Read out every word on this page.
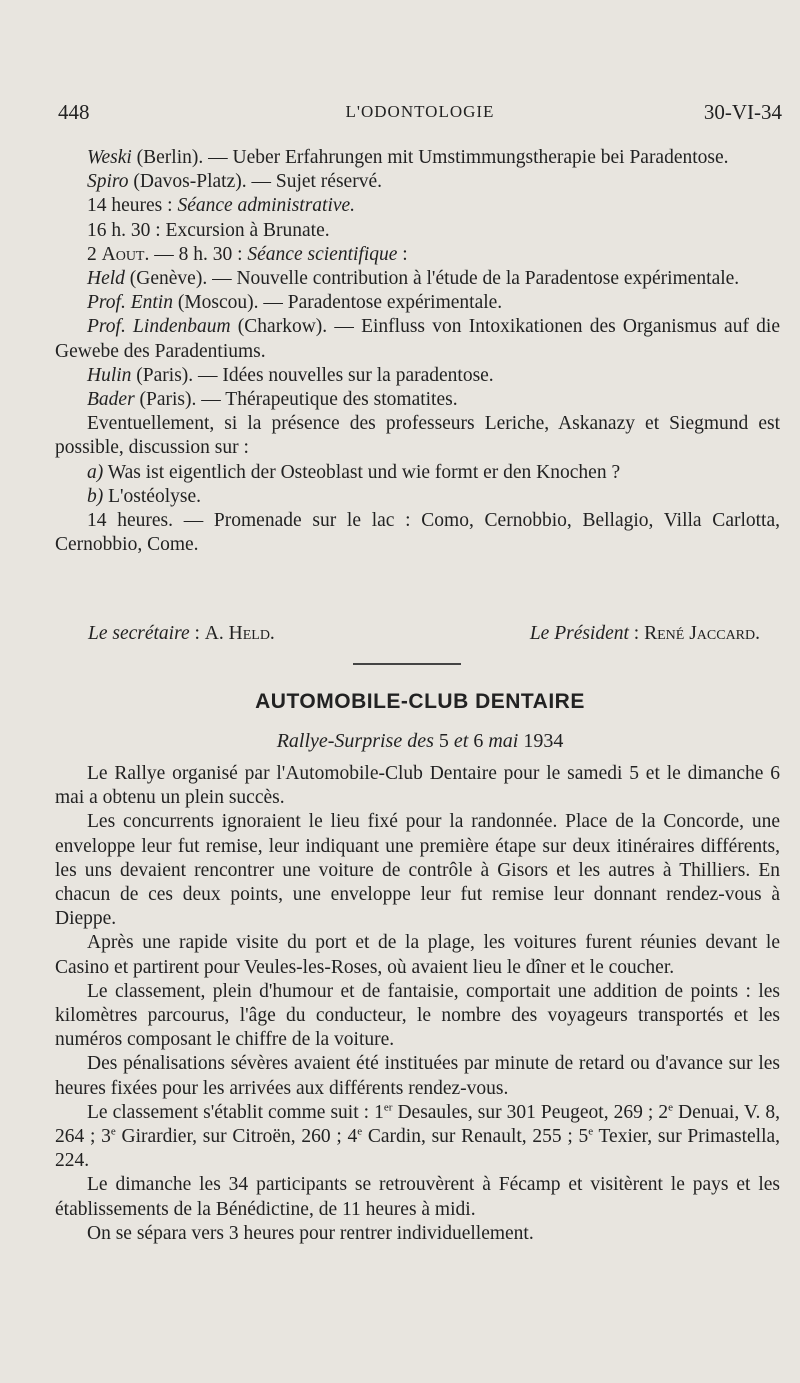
448	L'ODONTOLOGIE	30-VI-34

Weski (Berlin). — Ueber Erfahrungen mit Umstimmungstherapie bei Paradentose.

Spiro (Davos-Platz). — Sujet réservé.

14 heures : Séance administrative.

16 h. 30 : Excursion à Brunate.

2 Aout. — 8 h. 30 : Séance scientifique :

Held (Genève). — Nouvelle contribution à l'étude de la Paradentose expérimentale.

Prof. Entin (Moscou). — Paradentose expérimentale.

Prof. Lindenbaum (Charkow). — Einfluss von Intoxikationen des Organismus auf die Gewebe des Paradentiums.

Hulin (Paris). — Idées nouvelles sur la paradentose.

Bader (Paris). — Thérapeutique des stomatites.

Eventuellement, si la présence des professeurs Leriche, Askanazy et Siegmund est possible, discussion sur :

a) Was ist eigentlich der Osteoblast und wie formt er den Knochen ?

b) L'ostéolyse.

14 heures. — Promenade sur le lac : Como, Cernobbio, Bellagio, Villa Carlotta, Cernobbio, Come.

Le secrétaire : A. Held.	Le Président : René Jaccard.
AUTOMOBILE-CLUB DENTAIRE
Rallye-Surprise des 5 et 6 mai 1934

Le Rallye organisé par l'Automobile-Club Dentaire pour le samedi 5 et le dimanche 6 mai a obtenu un plein succès.

Les concurrents ignoraient le lieu fixé pour la randonnée. Place de la Concorde, une enveloppe leur fut remise, leur indiquant une première étape sur deux itinéraires différents, les uns devaient rencontrer une voiture de contrôle à Gisors et les autres à Thilliers. En chacun de ces deux points, une enveloppe leur fut remise leur donnant rendez-vous à Dieppe.

Après une rapide visite du port et de la plage, les voitures furent réunies devant le Casino et partirent pour Veules-les-Roses, où avaient lieu le dîner et le coucher.

Le classement, plein d'humour et de fantaisie, comportait une addition de points : les kilomètres parcourus, l'âge du conducteur, le nombre des voyageurs transportés et les numéros composant le chiffre de la voiture.

Des pénalisations sévères avaient été instituées par minute de retard ou d'avance sur les heures fixées pour les arrivées aux différents rendez-vous.

Le classement s'établit comme suit : 1er Desaules, sur 301 Peugeot, 269 ; 2e Denuai, V. 8, 264 ; 3e Girardier, sur Citroën, 260 ; 4e Cardin, sur Renault, 255 ; 5e Texier, sur Primastella, 224.

Le dimanche les 34 participants se retrouvèrent à Fécamp et visitèrent le pays et les établissements de la Bénédictine, de 11 heures à midi.

On se sépara vers 3 heures pour rentrer individuellement.
